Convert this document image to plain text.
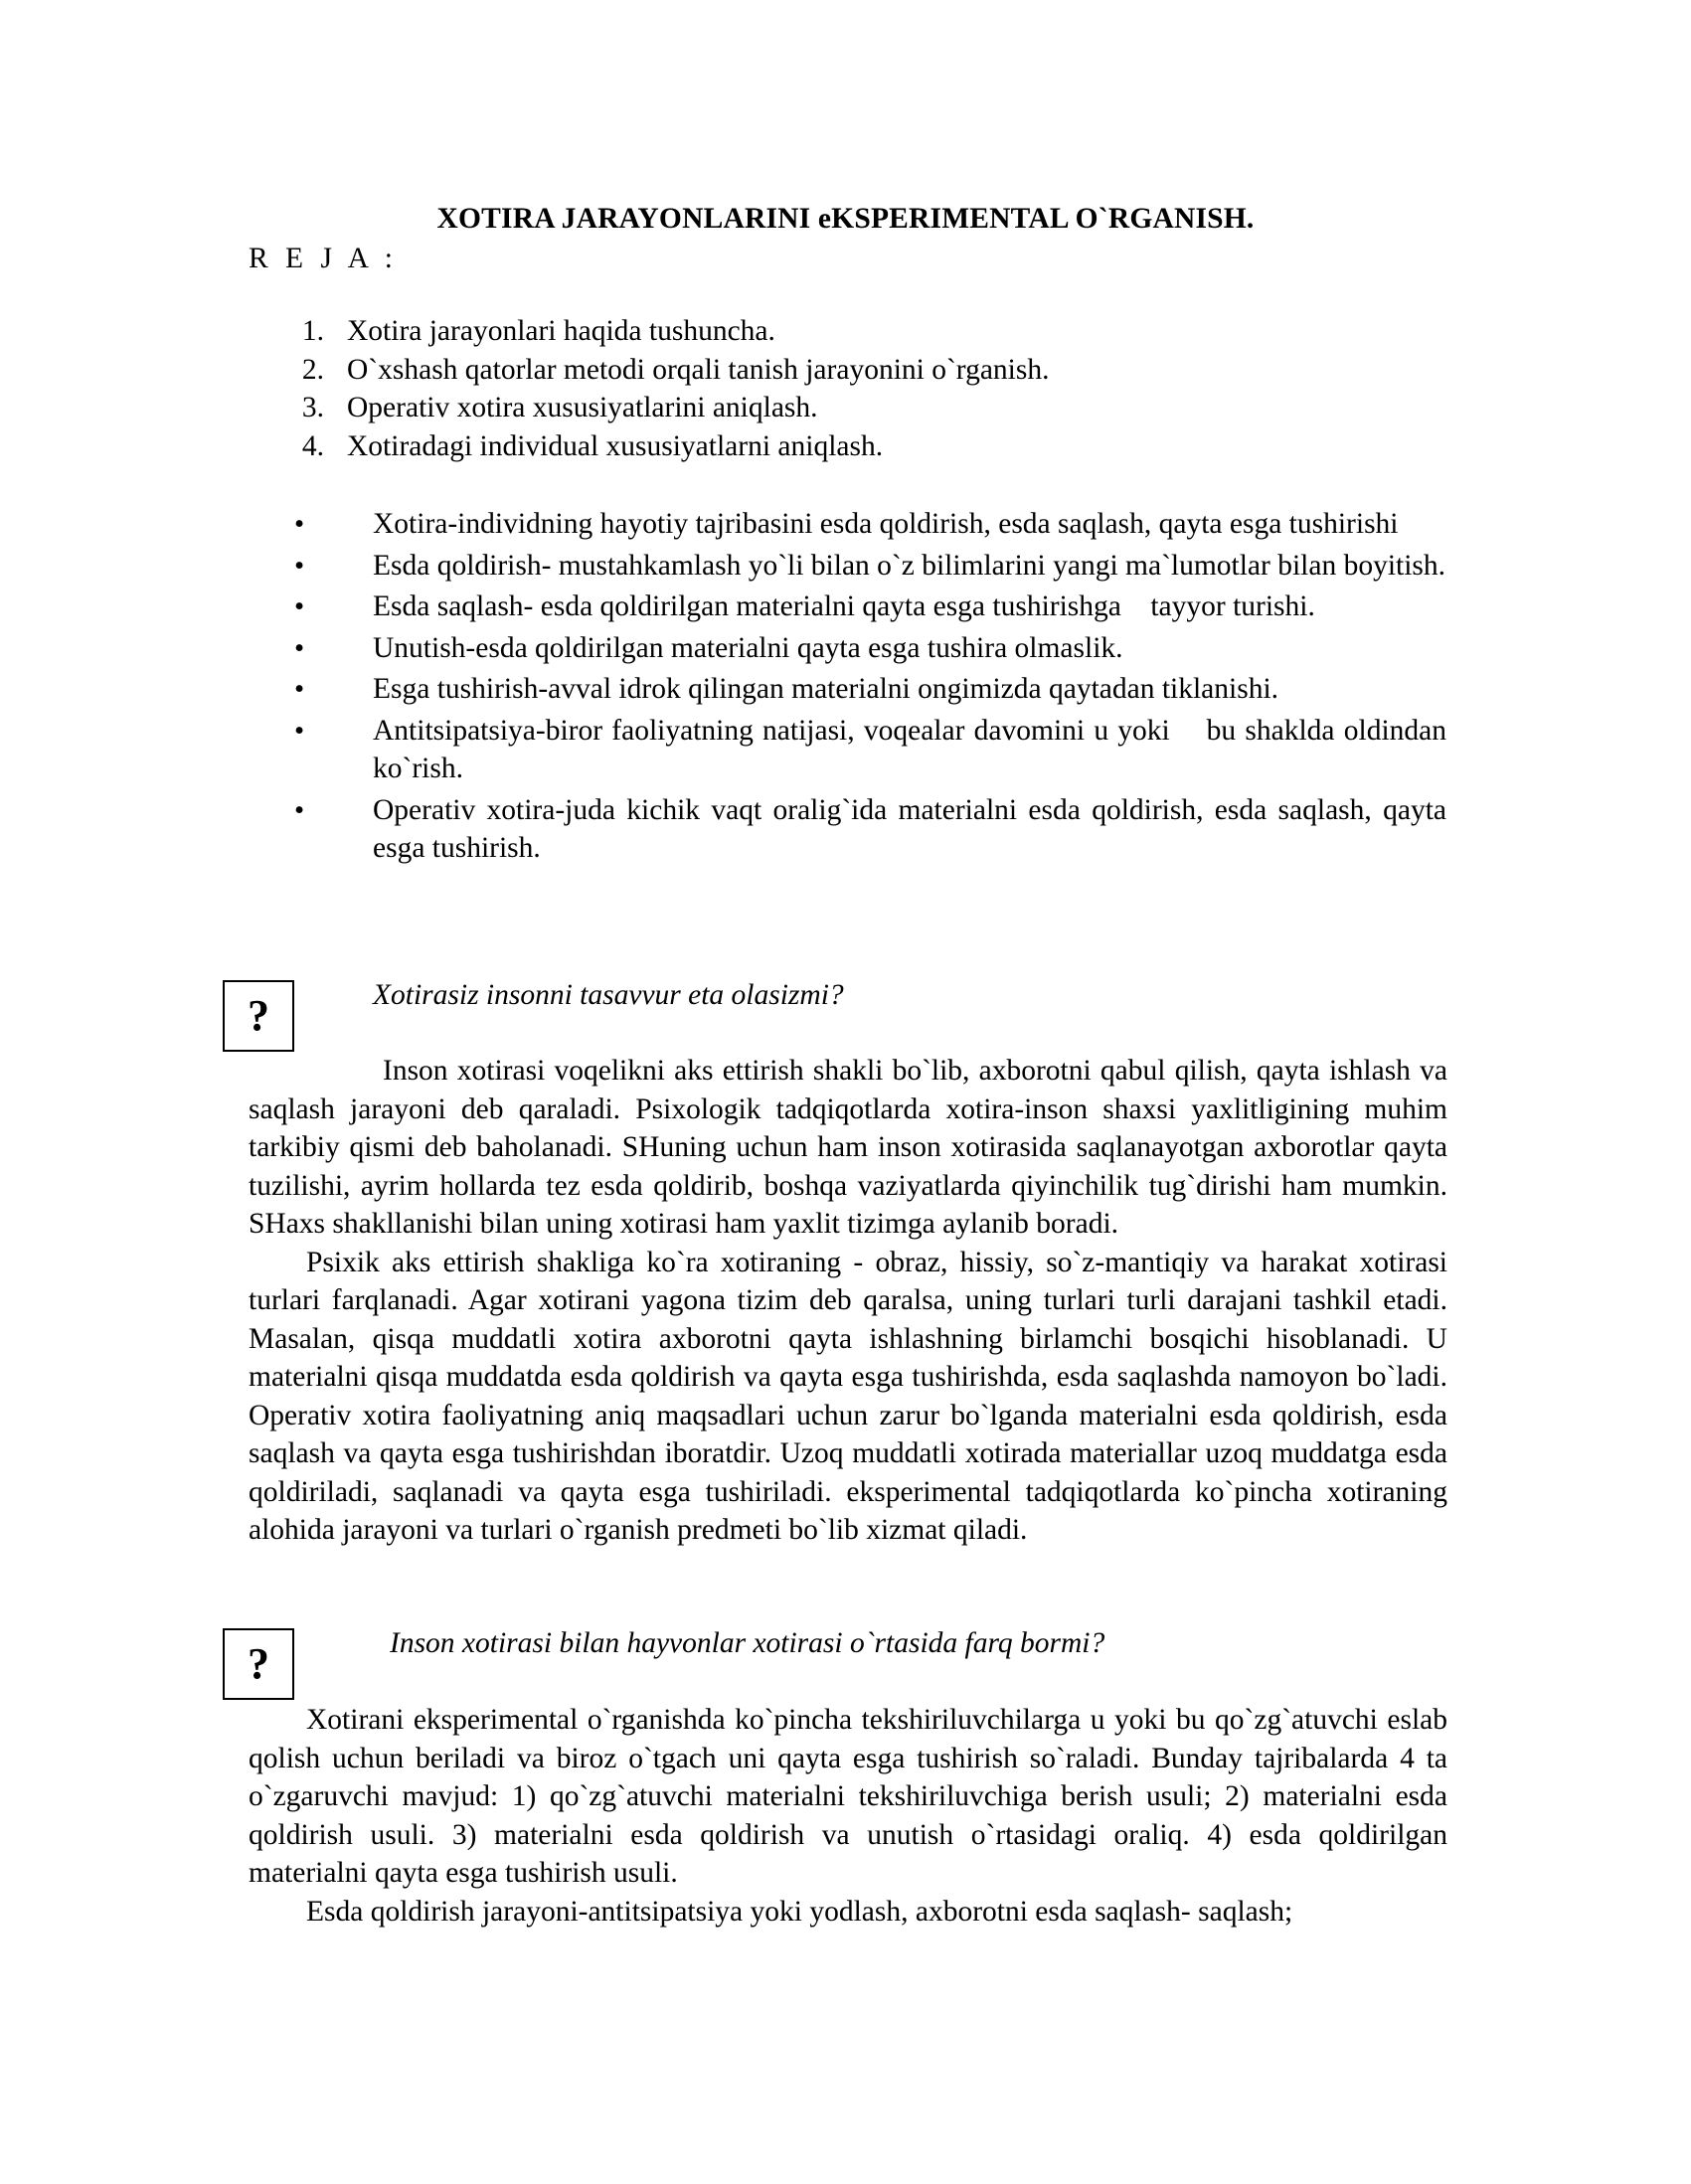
XOTIRA JARAYONLARINI eKSPERIMENTAL O`RGANISH.
R E J A :
1. Xotira jarayonlari haqida tushuncha.
2. O`xshash qatorlar metodi orqali tanish jarayonini o`rganish.
3. Operativ xotira xususiyatlarini aniqlash.
4. Xotiradagi individual xususiyatlarni aniqlash.
• Xotira-individning hayotiy tajribasini esda qoldirish, esda saqlash, qayta esga tushirishi
• Esda qoldirish- mustahkamlash yo`li bilan o`z bilimlarini yangi ma`lumotlar bilan boyitish.
• Esda saqlash- esda qoldirilgan materialni qayta esga tushirishga    tayyor turishi.
• Unutish-esda qoldirilgan materialni qayta esga tushira olmaslik.
• Esga tushirish-avval idrok qilingan materialni ongimizda qaytadan tiklanishi.
• Antitsipatsiya-biror faoliyatning natijasi, voqealar davomini u yoki    bu shaklda oldindan ko`rish.
• Operativ xotira-juda kichik vaqt oralig`ida materialni esda qoldirish, esda saqlash, qayta esga tushirish.
?	Xotirasiz insonni tasavvur eta olasizmi?

Inson xotirasi voqelikni aks ettirish shakli bo`lib, axborotni qabul qilish, qayta ishlash va saqlash jarayoni deb qaraladi. Psixologik tadqiqotlarda xotira-inson shaxsi yaxlitligining muhim tarkibiy qismi deb baholanadi. SHuning uchun ham inson xotirasida saqlanayotgan axborotlar qayta tuzilishi, ayrim hollarda tez esda qoldirib, boshqa vaziyatlarda qiyinchilik tug`dirishi ham mumkin. SHaxs shakllanishi bilan uning xotirasi ham yaxlit tizimga aylanib boradi.

Psixik aks ettirish shakliga ko`ra xotiraning - obraz, hissiy, so`z-mantiqiy va harakat xotirasi turlari farqlanadi. Agar xotirani yagona tizim deb qaralsa, uning turlari turli darajani tashkil etadi. Masalan, qisqa muddatli xotira axborotni qayta ishlashning birlamchi bosqichi hisoblanadi. U materialni qisqa muddatda esda qoldirish va qayta esga tushirishda, esda saqlashda namoyon bo`ladi. Operativ xotira faoliyatning aniq maqsadlari uchun zarur bo`lganda materialni esda qoldirish, esda saqlash va qayta esga tushirishdan iboratdir. Uzoq muddatli xotirada materiallar uzoq muddatga esda qoldiriladi, saqlanadi va qayta esga tushiriladi. eksperimental tadqiqotlarda ko`pincha xotiraning alohida jarayoni va turlari o`rganish predmeti bo`lib xizmat qiladi.

?	Inson xotirasi bilan hayvonlar xotirasi o`rtasida farq bormi?

Xotirani eksperimental o`rganishda ko`pincha tekshiriluvchilarga u yoki bu qo`zg`atuvchi eslab qolish uchun beriladi va biroz o`tgach uni qayta esga tushirish so`raladi. Bunday tajribalarda 4 ta o`zgaruvchi mavjud: 1) qo`zg`atuvchi materialni tekshiriluvchiga berish usuli; 2) materialni esda qoldirish usuli. 3) materialni esda qoldirish va unutish o`rtasidagi oraliq. 4) esda qoldirilgan materialni qayta esga tushirish usuli.

Esda qoldirish jarayoni-antitsipatsiya yoki yodlash, axborotni esda saqlash- saqlash;
